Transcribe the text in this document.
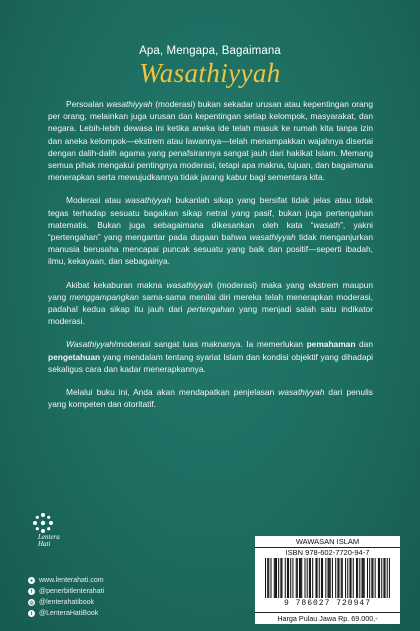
Apa, Mengapa, Bagaimana
Wasathiyyah

Persoalan wasathiyyah (moderasi) bukan sekadar urusan atau kepentingan orang per orang, melainkan juga urusan dan kepentingan setiap kelompok, masyarakat, dan negara. Lebih-lebih dewasa ini ketika aneka ide telah masuk ke rumah kita tanpa izin dan aneka kelompok—ekstrem atau lawannya—telah menampakkan wajahnya disertai dengan dalih-dalih agama yang penafsirannya sangat jauh dari hakikat Islam. Memang semua pihak mengakui pentingnya moderasi, tetapi apa makna, tujuan, dan bagaimana menerapkan serta mewujudkannya tidak jarang kabur bagi sementara kita.

Moderasi atau wasathiyyah bukanlah sikap yang bersifat tidak jelas atau tidak tegas terhadap sesuatu bagaikan sikap netral yang pasif, bukan juga pertengahan matematis. Bukan juga sebagaimana dikesankan oleh kata “wasath”, yakni “pertengahan” yang mengantar pada dugaan bahwa wasathiyyah tidak menganjurkan manusia berusaha mencapai puncak sesuatu yang baik dan positif—seperti ibadah, ilmu, kekayaan, dan sebagainya.

Akibat kekaburan makna wasathiyyah (moderasi) maka yang ekstrem maupun yang menggampangkan sama-sama menilai diri mereka telah menerapkan moderasi, padahal kedua sikap itu jauh dari pertengahan yang menjadi salah satu indikator moderasi.

Wasathiyyah/moderasi sangat luas maknanya. Ia memerlukan pemahaman dan pengetahuan yang mendalam tentang syariat Islam dan kondisi objektif yang dihadapi sekaligus cara dan kadar menerapkannya.

Melalui buku ini, Anda akan mendapatkan penjelasan wasathiyyah dari penulis yang kompeten dan otoritatif.

Lentera
Hati
● www.lenterahati.com
f @penerbitlenterahati
◎ @lenterahatibook
t @LenteraHatiBook
WAWASAN ISLAM
ISBN 978-602-7720-94-7
9 786027 720947
Harga Pulau Jawa Rp. 69.000,-
